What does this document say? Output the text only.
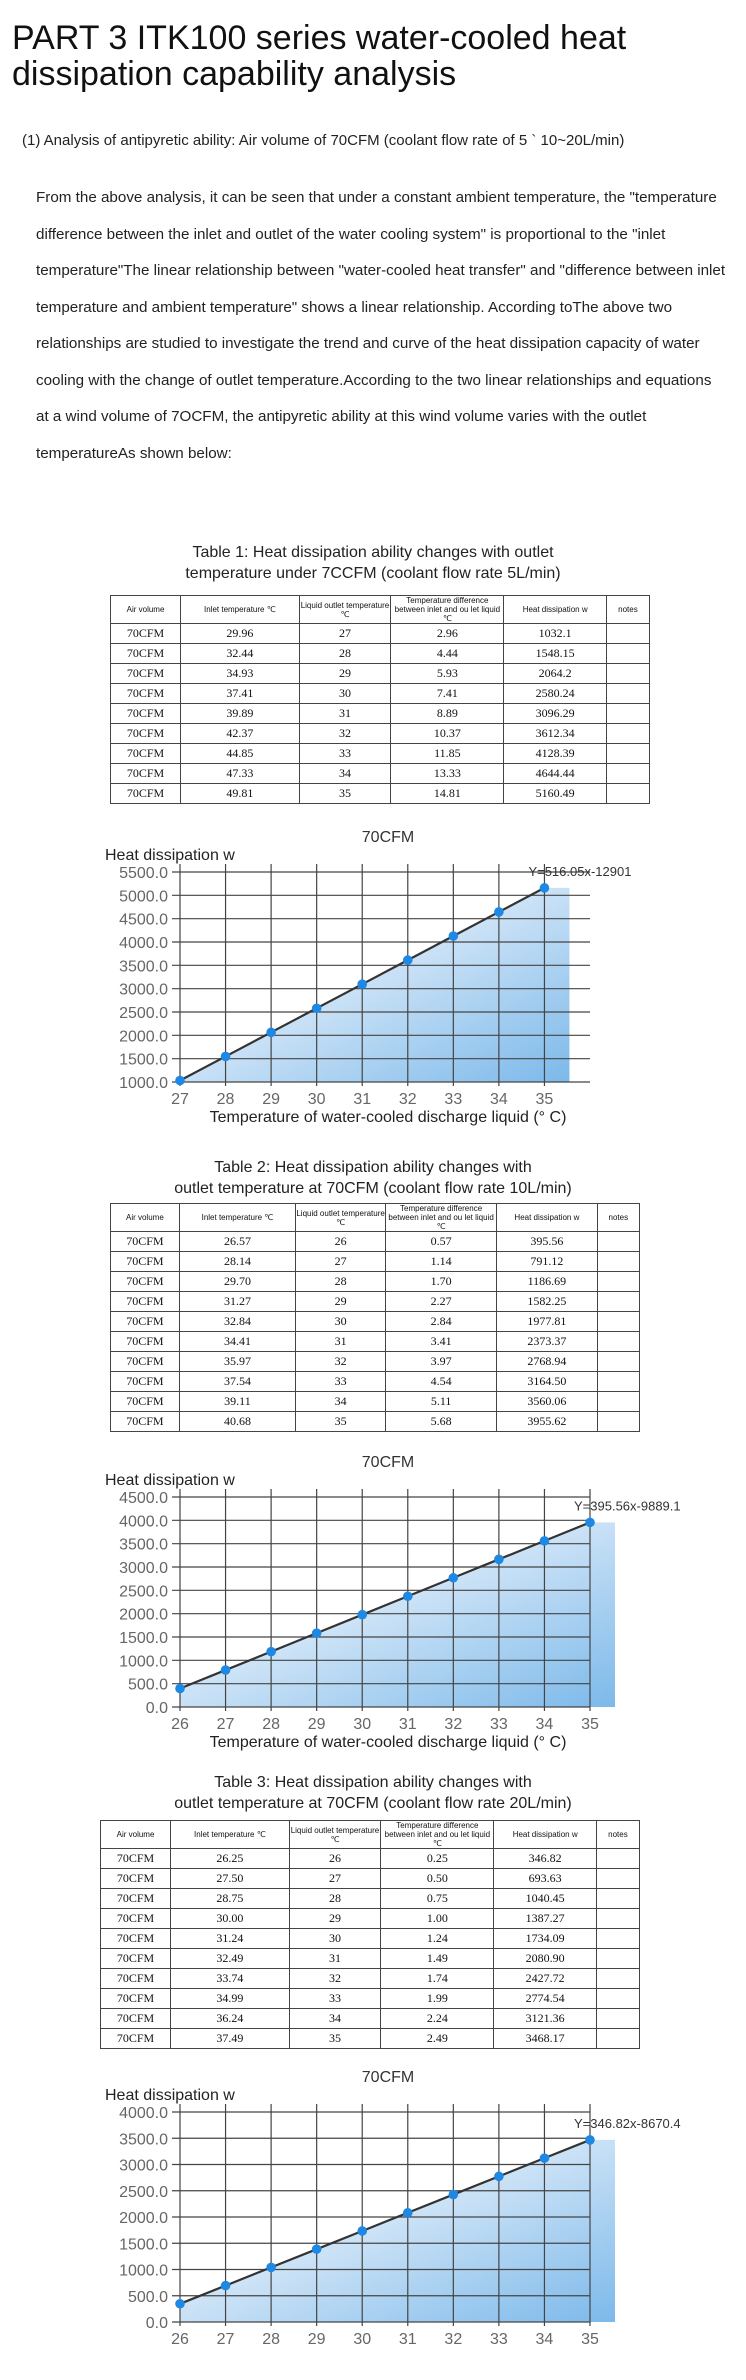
PART 3 ITK100 series water-cooled heat dissipation capability analysis
(1) Analysis of antipyretic ability: Air volume of 70CFM (coolant flow rate of 5 ` 10~20L/min)

From the above analysis, it can be seen that under a constant ambient temperature, the "temperature difference between the inlet and outlet of the water cooling system" is proportional to the "inlet temperature"The linear relationship between "water-cooled heat transfer" and "difference between inlet temperature and ambient temperature" shows a linear relationship. According toThe above two relationships are studied to investigate the trend and curve of the heat dissipation capacity of water cooling with the change of outlet temperature.According to the two linear relationships and equations at a wind volume of 7OCFM, the antipyretic ability at this wind volume varies with the outlet temperatureAs shown below:

Table 1: Heat dissipation ability changes with outlet
temperature under 7CCFM (coolant flow rate 5L/min)
Air volume	Inlet temperature ℃	Liquid outlet temperature ℃	Temperature difference between inlet and ou let liquid ℃	Heat dissipation w	notes
70CFM	29.96	27	2.96	1032.1	
70CFM	32.44	28	4.44	1548.15	
70CFM	34.93	29	5.93	2064.2	
70CFM	37.41	30	7.41	2580.24	
70CFM	39.89	31	8.89	3096.29	
70CFM	42.37	32	10.37	3612.34	
70CFM	44.85	33	11.85	4128.39	
70CFM	47.33	34	13.33	4644.44	
70CFM	49.81	35	14.81	5160.49	
1000.0
1500.0
2000.0
2500.0
3000.0
3500.0
4000.0
4500.0
5000.0
5500.0
27 28 29 30 31 32 33 34 35
70CFM
Heat dissipation w
Y=516.05x-12901
Temperature of water-cooled discharge liquid (° C)
Table 2: Heat dissipation ability changes with
outlet temperature at 70CFM (coolant flow rate 10L/min)
Air volume	Inlet temperature ℃	Liquid outlet temperature ℃	Temperature difference between inlet and ou let liquid ℃	Heat dissipation w	notes
70CFM	26.57	26	0.57	395.56	
70CFM	28.14	27	1.14	791.12	
70CFM	29.70	28	1.70	1186.69	
70CFM	31.27	29	2.27	1582.25	
70CFM	32.84	30	2.84	1977.81	
70CFM	34.41	31	3.41	2373.37	
70CFM	35.97	32	3.97	2768.94	
70CFM	37.54	33	4.54	3164.50	
70CFM	39.11	34	5.11	3560.06	
70CFM	40.68	35	5.68	3955.62	
0.0
500.0
1000.0
1500.0
2000.0
2500.0
3000.0
3500.0
4000.0
4500.0
26 27 28 29 30 31 32 33 34 35
70CFM
Heat dissipation w
Y=395.56x-9889.1
Temperature of water-cooled discharge liquid (° C)
Table 3: Heat dissipation ability changes with
outlet temperature at 70CFM (coolant flow rate 20L/min)
Air volume	Inlet temperature ℃	Liquid outlet temperature ℃	Temperature difference between inlet and ou let liquid ℃	Heat dissipation w	notes
70CFM	26.25	26	0.25	346.82	
70CFM	27.50	27	0.50	693.63	
70CFM	28.75	28	0.75	1040.45	
70CFM	30.00	29	1.00	1387.27	
70CFM	31.24	30	1.24	1734.09	
70CFM	32.49	31	1.49	2080.90	
70CFM	33.74	32	1.74	2427.72	
70CFM	34.99	33	1.99	2774.54	
70CFM	36.24	34	2.24	3121.36	
70CFM	37.49	35	2.49	3468.17	
0.0
500.0
1000.0
1500.0
2000.0
2500.0
3000.0
3500.0
4000.0
26 27 28 29 30 31 32 33 34 35
70CFM
Heat dissipation w
Y=346.82x-8670.4
